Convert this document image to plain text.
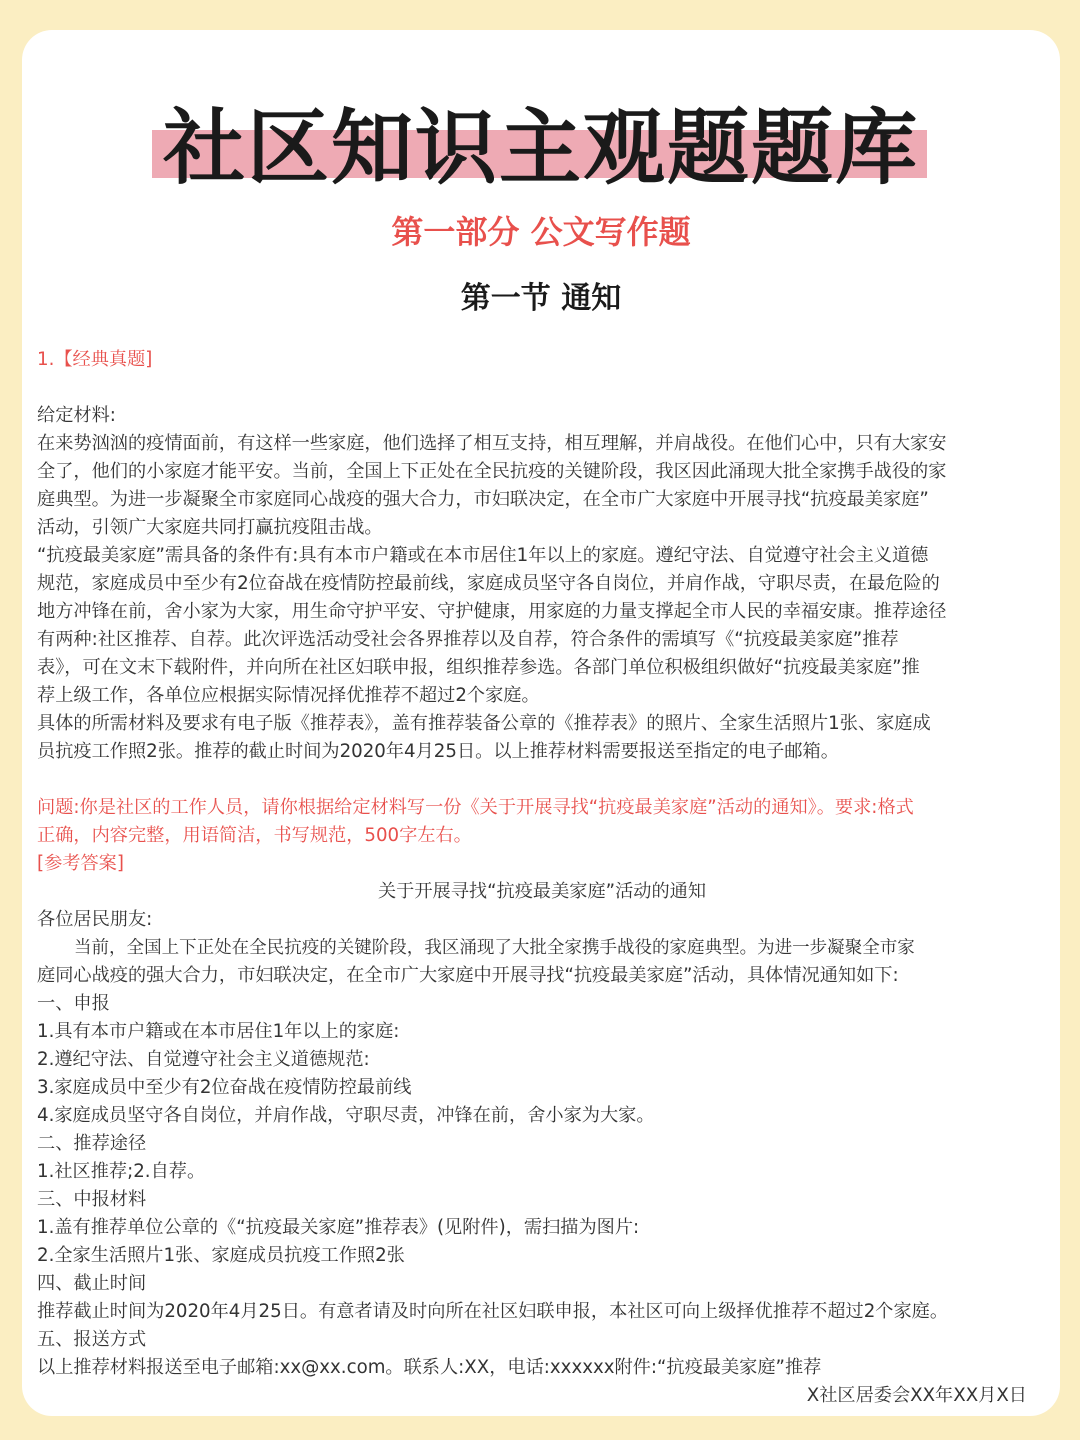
社区知识主观题题库
第一部分 公文写作题
第一节 通知
1.【经典真题]
给定材料:
在来势汹汹的疫情面前，有这样一些家庭，他们选择了相互支持，相互理解，并肩战役。在他们心中，只有大家安
全了，他们的小家庭才能平安。当前，全国上下正处在全民抗疫的关键阶段，我区因此涌现大批全家携手战役的家
庭典型。为进一步凝聚全市家庭同心战疫的强大合力，市妇联决定，在全市广大家庭中开展寻找“抗疫最美家庭”
活动，引领广大家庭共同打赢抗疫阻击战。
“抗疫最美家庭”需具备的条件有:具有本市户籍或在本市居住1年以上的家庭。遵纪守法、自觉遵守社会主义道德
规范，家庭成员中至少有2位奋战在疫情防控最前线，家庭成员坚守各自岗位，并肩作战，守职尽责，在最危险的
地方冲锋在前，舍小家为大家，用生命守护平安、守护健康，用家庭的力量支撑起全市人民的幸福安康。推荐途径
有两种:社区推荐、自荐。此次评选活动受社会各界推荐以及自荐，符合条件的需填写《“抗疫最美家庭”推荐
表》，可在文末下载附件，并向所在社区妇联申报，组织推荐参选。各部门单位积极组织做好“抗疫最美家庭”推
荐上级工作，各单位应根据实际情况择优推荐不超过2个家庭。
具体的所需材料及要求有电子版《推荐表》，盖有推荐装备公章的《推荐表》的照片、全家生活照片1张、家庭成
员抗疫工作照2张。推荐的截止时间为2020年4月25日。以上推荐材料需要报送至指定的电子邮箱。
问题:你是社区的工作人员，请你根据给定材料写一份《关于开展寻找“抗疫最美家庭”活动的通知》。要求:格式
正确，内容完整，用语简洁，书写规范，500字左右。
[参考答案]
关于开展寻找“抗疫最美家庭”活动的通知
各位居民朋友:
当前，全国上下正处在全民抗疫的关键阶段，我区涌现了大批全家携手战役的家庭典型。为进一步凝聚全市家
庭同心战疫的强大合力，市妇联决定，在全市广大家庭中开展寻找“抗疫最美家庭”活动，具体情况通知如下:
一、申报
1.具有本市户籍或在本市居住1年以上的家庭:
2.遵纪守法、自觉遵守社会主义道德规范:
3.家庭成员中至少有2位奋战在疫情防控最前线
4.家庭成员坚守各自岗位，并肩作战，守职尽责，冲锋在前，舍小家为大家。
二、推荐途径
1.社区推荐;2.自荐。
三、中报材料
1.盖有推荐单位公章的《“抗疫最关家庭”推荐表》(见附件)，需扫描为图片:
2.全家生活照片1张、家庭成员抗疫工作照2张
四、截止时间
推荐截止时间为2020年4月25日。有意者请及时向所在社区妇联申报，本社区可向上级择优推荐不超过2个家庭。
五、报送方式
以上推荐材料报送至电子邮箱:xx@xx.com。联系人:XX，电话:xxxxxx附件:“抗疫最美家庭”推荐
X社区居委会XX年XX月X日
